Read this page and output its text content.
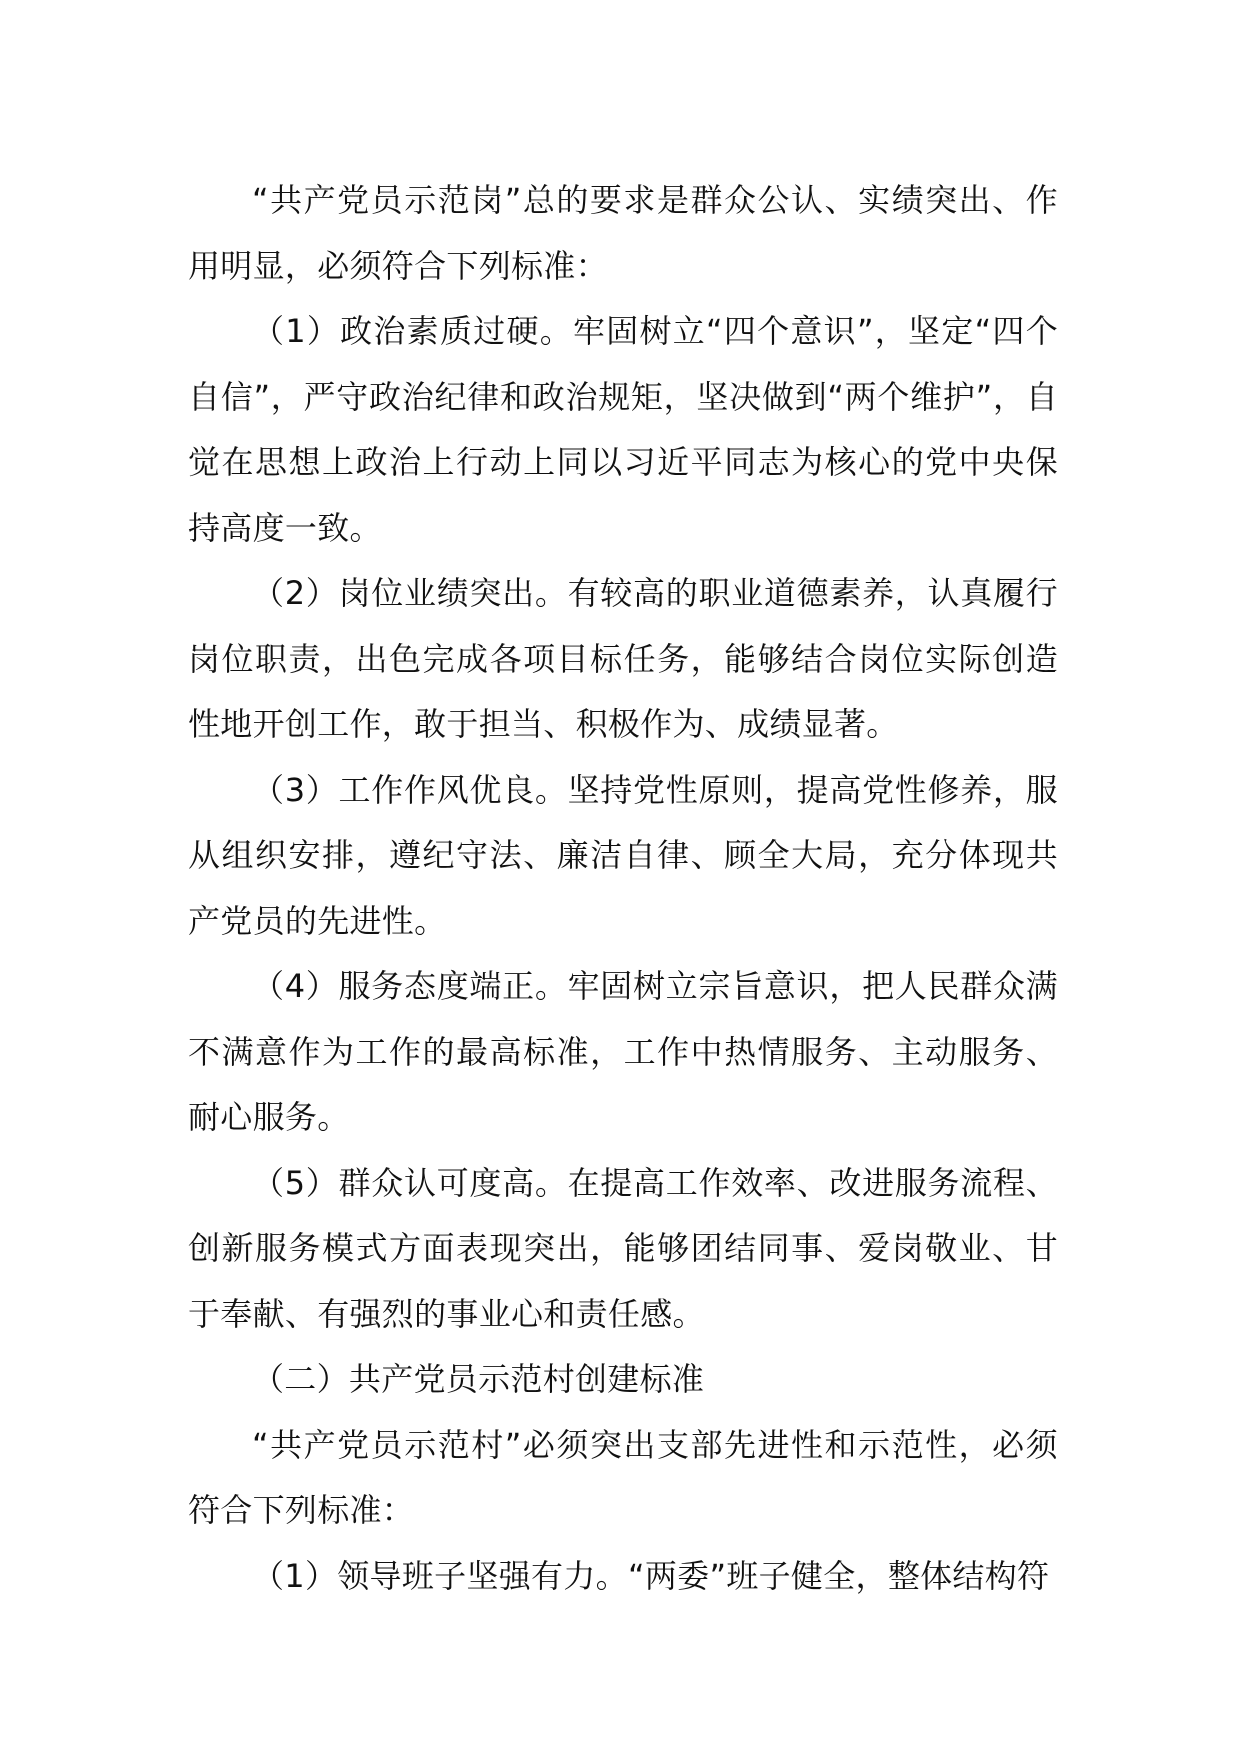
“共产党员示范岗”总的要求是群众公认、实绩突出、作用明显，必须符合下列标准：

（1）政治素质过硬。牢固树立“四个意识”，坚定“四个自信”，严守政治纪律和政治规矩，坚决做到“两个维护”，自觉在思想上政治上行动上同以习近平同志为核心的党中央保持高度一致。

（2）岗位业绩突出。有较高的职业道德素养，认真履行岗位职责，出色完成各项目标任务，能够结合岗位实际创造性地开创工作，敢于担当、积极作为、成绩显著。

（3）工作作风优良。坚持党性原则，提高党性修养，服从组织安排，遵纪守法、廉洁自律、顾全大局，充分体现共产党员的先进性。

（4）服务态度端正。牢固树立宗旨意识，把人民群众满不满意作为工作的最高标准，工作中热情服务、主动服务、耐心服务。

（5）群众认可度高。在提高工作效率、改进服务流程、创新服务模式方面表现突出，能够团结同事、爱岗敬业、甘于奉献、有强烈的事业心和责任感。

（二）共产党员示范村创建标准

“共产党员示范村”必须突出支部先进性和示范性，必须符合下列标准：

（1）领导班子坚强有力。“两委”班子健全，整体结构符
